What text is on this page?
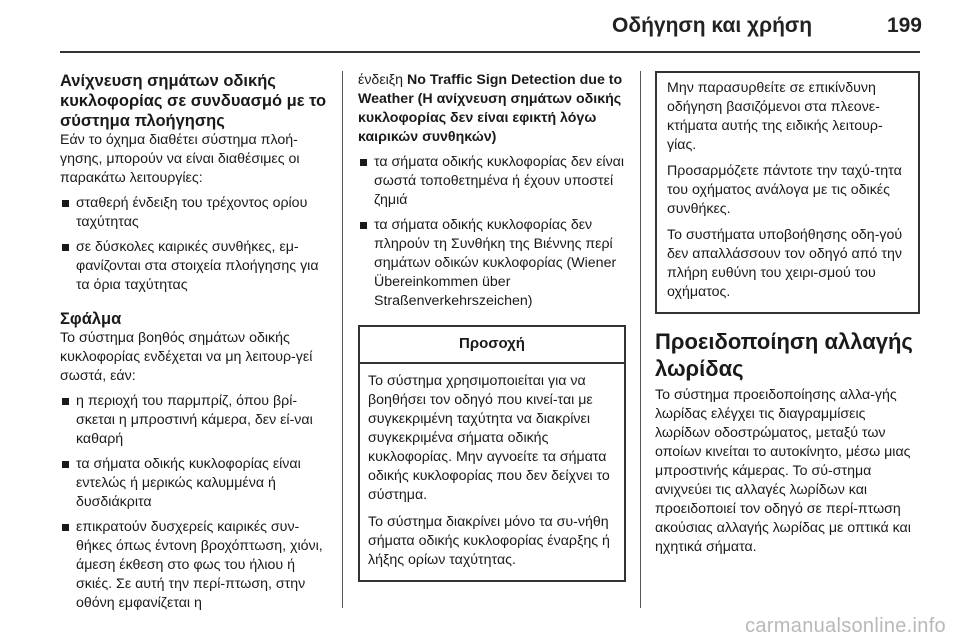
Οδήγηση και χρήση	199
Ανίχνευση σημάτων οδικής κυκλοφορίας σε συνδυασμό με το σύστημα πλοήγησης

Εάν το όχημα διαθέτει σύστημα πλοή-γησης, μπορούν να είναι διαθέσιμες οι παρακάτω λειτουργίες:

σταθερή ένδειξη του τρέχοντος ορίου ταχύτητας
σε δύσκολες καιρικές συνθήκες, εμ-φανίζονται στα στοιχεία πλοήγησης για τα όρια ταχύτητας
Σφάλμα

Το σύστημα βοηθός σημάτων οδικής κυκλοφορίας ενδέχεται να μη λειτουρ-γεί σωστά, εάν:

η περιοχή του παρμπρίζ, όπου βρί-σκεται η μπροστινή κάμερα, δεν εί-ναι καθαρή
τα σήματα οδικής κυκλοφορίας είναι εντελώς ή μερικώς καλυμμένα ή δυσδιάκριτα
επικρατούν δυσχερείς καιρικές συν-θήκες όπως έντονη βροχόπτωση, χιόνι, άμεση έκθεση στο φως του ήλιου ή σκιές. Σε αυτή την περί-πτωση, στην οθόνη εμφανίζεται η

ένδειξη No Traffic Sign Detection due to Weather (Η ανίχνευση σημάτων οδικής κυκλοφορίας δεν είναι εφικτή λόγω καιρικών συνθηκών)

τα σήματα οδικής κυκλοφορίας δεν είναι σωστά τοποθετημένα ή έχουν υποστεί ζημιά
τα σήματα οδικής κυκλοφορίας δεν πληρούν τη Συνθήκη της Βιέννης περί σημάτων οδικών κυκλοφορίας (Wiener Übereinkommen über Straßenverkehrszeichen)
Προσοχή

Το σύστημα χρησιμοποιείται για να βοηθήσει τον οδηγό που κινεί-ται με συγκεκριμένη ταχύτητα να διακρίνει συγκεκριμένα σήματα οδικής κυκλοφορίας. Μην αγνοείτε τα σήματα οδικής κυκλοφορίας που δεν δείχνει το σύστημα.

Το σύστημα διακρίνει μόνο τα συ-νήθη σήματα οδικής κυκλοφορίας έναρξης ή λήξης ορίων ταχύτητας.

Μην παρασυρθείτε σε επικίνδυνη οδήγηση βασιζόμενοι στα πλεονε-κτήματα αυτής της ειδικής λειτουρ-γίας.

Προσαρμόζετε πάντοτε την ταχύ-τητα του οχήματος ανάλογα με τις οδικές συνθήκες.

Το συστήματα υποβοήθησης οδη-γού δεν απαλλάσσουν τον οδηγό από την πλήρη ευθύνη του χειρι-σμού του οχήματος.

Προειδοποίηση αλλαγής λωρίδας

Το σύστημα προειδοποίησης αλλα-γής λωρίδας ελέγχει τις διαγραμμίσεις λωρίδων οδοστρώματος, μεταξύ των οποίων κινείται το αυτοκίνητο, μέσω μιας μπροστινής κάμερας. Το σύ-στημα ανιχνεύει τις αλλαγές λωρίδων και προειδοποιεί τον οδηγό σε περί-πτωση ακούσιας αλλαγής λωρίδας με οπτικά και ηχητικά σήματα.

carmanualsonline.info
